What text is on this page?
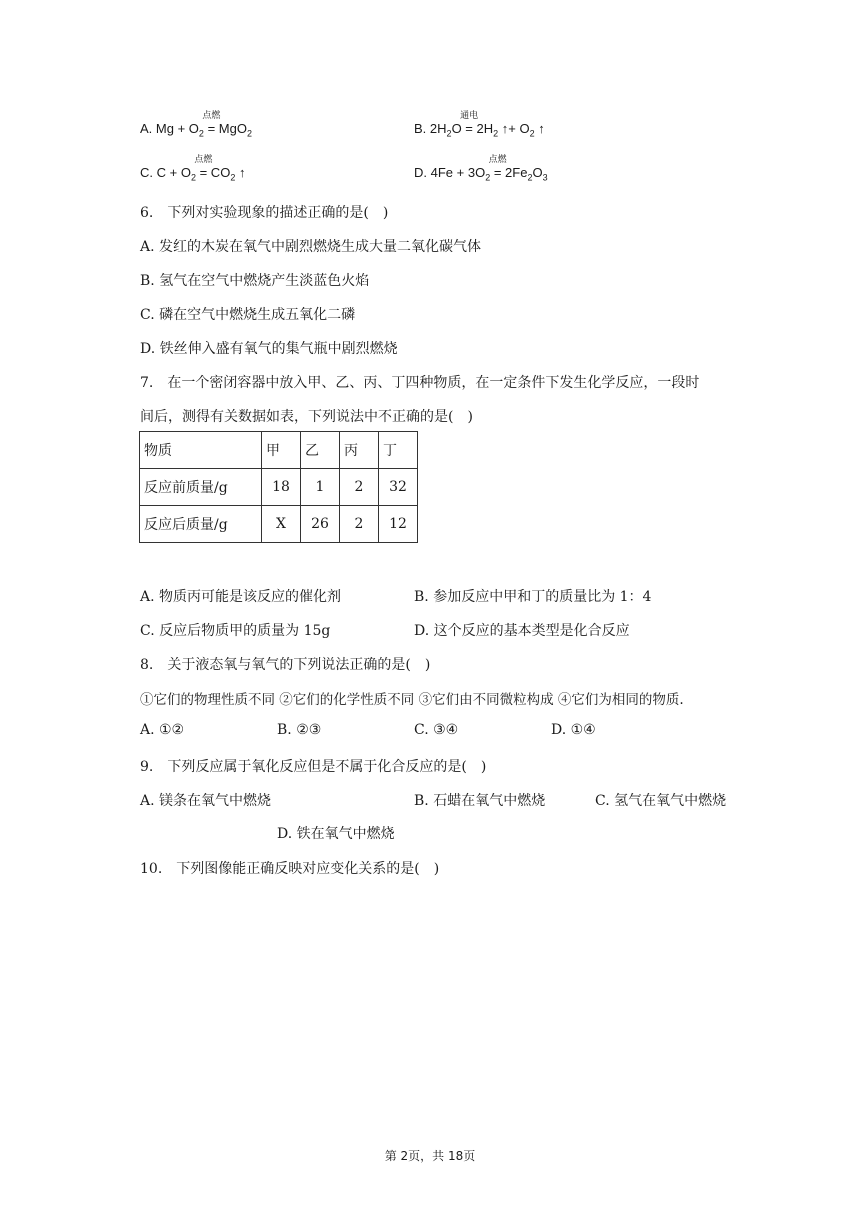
A. $Mg + O_2$
点燃
= MgO$_2$	B. $2H_2O$
通电
= $2H_2$ ↑+ $O_2$ ↑
C. $C + O_2$
点燃
= $CO_2$ ↑	D. $4Fe + 3O_2$
点燃
= $2Fe_2O_3$
6.　下列对实验现象的描述正确的是(　)
A. 发红的木炭在氧气中剧烈燃烧生成大量二氧化碳气体
B. 氢气在空气中燃烧产生淡蓝色火焰
C. 磷在空气中燃烧生成五氧化二磷
D. 铁丝伸入盛有氧气的集气瓶中剧烈燃烧
7.　在一个密闭容器中放入甲、乙、丙、丁四种物质，在一定条件下发生化学反应，一段时
间后，测得有关数据如表，下列说法中不正确的是(　)
物质	甲	乙	丙	丁
反应前质量/g	18	1	2	32
反应后质量/g	X	26	2	12
A. 物质丙可能是该反应的催化剂	B. 参加反应中甲和丁的质量比为 1：4
C. 反应后物质甲的质量为 15g	D. 这个反应的基本类型是化合反应
8.　关于液态氧与氧气的下列说法正确的是(　)
①它们的物理性质不同 ②它们的化学性质不同 ③它们由不同微粒构成 ④它们为相同的物质.
A. ①②	B. ②③	C. ③④	D. ①④
9.　下列反应属于氧化反应但是不属于化合反应的是(　)
A. 镁条在氧气中燃烧	B. 石蜡在氧气中燃烧	C. 氢气在氧气中燃烧
D. 铁在氧气中燃烧
10.　下列图像能正确反映对应变化关系的是(　)
第 2页，共 18页
